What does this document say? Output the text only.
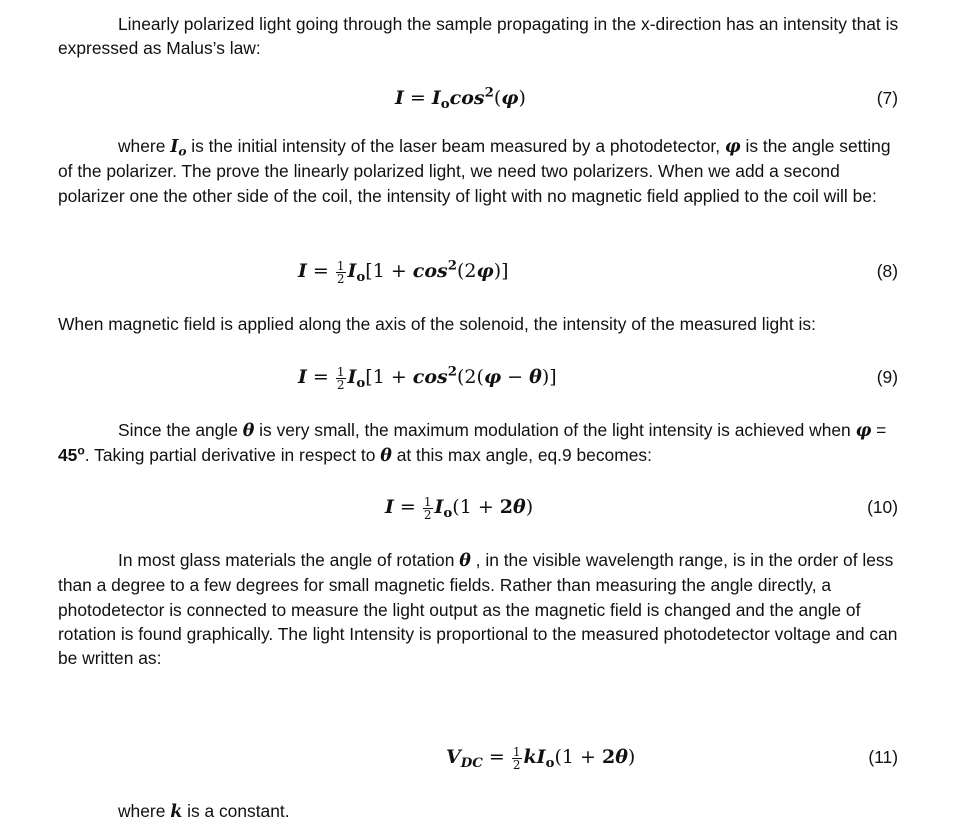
Linearly polarized light going through the sample propagating in the x-direction has an intensity that is expressed as Malus’s law:

$I = I_o\cos^2(\varphi)$	(7)

where $I_o$ is the initial intensity of the laser beam measured by a photodetector, φ is the angle setting of the polarizer. The prove the linearly polarized light, we need two polarizers. When we add a second polarizer one the other side of the coil, the intensity of light with no magnetic field applied to the coil will be:

$I = \frac{1}{2} I_o[1 + \cos^2(2\varphi)]$	(8)

When magnetic field is applied along the axis of the solenoid, the intensity of the measured light is:

$I = \frac{1}{2} I_o[1 + \cos^2(2(\varphi - \theta)]$	(9)

Since the angle θ is very small, the maximum modulation of the light intensity is achieved when $\varphi = 45^o$. Taking partial derivative in respect to θ at this max angle, eq.9 becomes:

$I = \frac{1}{2} I_o(1 + 2\theta)$	(10)

In most glass materials the angle of rotation θ , in the visible wavelength range, is in the order of less than a degree to a few degrees for small magnetic fields. Rather than measuring the angle directly, a photodetector is connected to measure the light output as the magnetic field is changed and the angle of rotation is found graphically. The light Intensity is proportional to the measured photodetector voltage and can be written as:

$V_{DC} = \frac{1}{2} kI_o(1 + 2\theta)$	(11)

where k is a constant.
